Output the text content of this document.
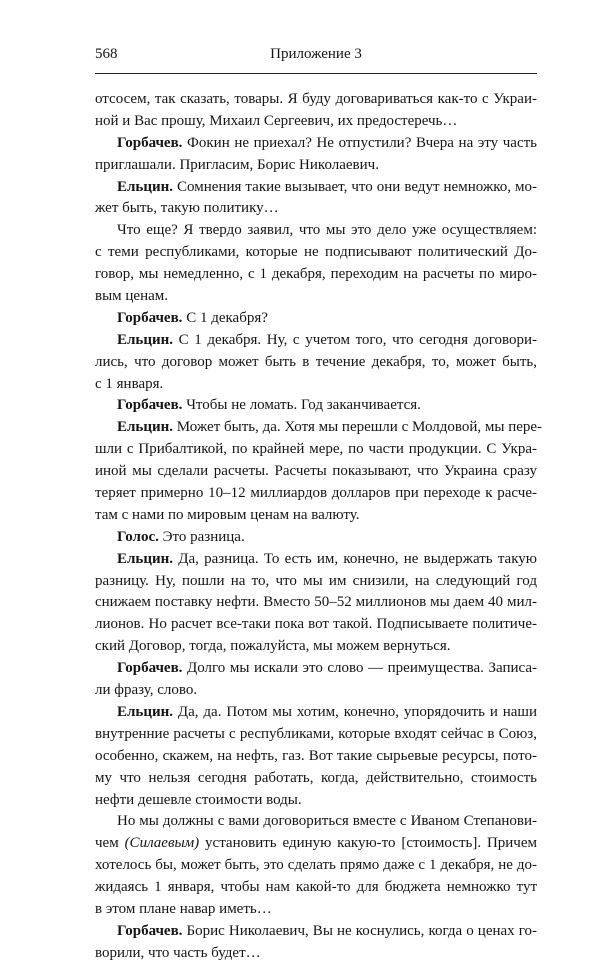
568	Приложение 3
отсосем, так сказать, товары. Я буду договариваться как-то с Украи-
ной и Вас прошу, Михаил Сергеевич, их предостеречь…
Горбачев. Фокин не приехал? Не отпустили? Вчера на эту часть
приглашали. Пригласим, Борис Николаевич.
Ельцин. Сомнения такие вызывает, что они ведут немножко, мо-
жет быть, такую политику…
Что еще? Я твердо заявил, что мы это дело уже осуществляем:
с теми республиками, которые не подписывают политический До-
говор, мы немедленно, с 1 декабря, переходим на расчеты по миро-
вым ценам.
Горбачев. С 1 декабря?
Ельцин. С 1 декабря. Ну, с учетом того, что сегодня договори-
лись, что договор может быть в течение декабря, то, может быть,
с 1 января.
Горбачев. Чтобы не ломать. Год заканчивается.
Ельцин. Может быть, да. Хотя мы перешли с Молдовой, мы пере-
шли с Прибалтикой, по крайней мере, по части продукции. С Укра-
иной мы сделали расчеты. Расчеты показывают, что Украина сразу
теряет примерно 10–12 миллиардов долларов при переходе к расче-
там с нами по мировым ценам на валюту.
Голос. Это разница.
Ельцин. Да, разница. То есть им, конечно, не выдержать такую
разницу. Ну, пошли на то, что мы им снизили, на следующий год
снижаем поставку нефти. Вместо 50–52 миллионов мы даем 40 мил-
лионов. Но расчет все-таки пока вот такой. Подписываете политиче-
ский Договор, тогда, пожалуйста, мы можем вернуться.
Горбачев. Долго мы искали это слово — преимущества. Записа-
ли фразу, слово.
Ельцин. Да, да. Потом мы хотим, конечно, упорядочить и наши
внутренние расчеты с республиками, которые входят сейчас в Союз,
особенно, скажем, на нефть, газ. Вот такие сырьевые ресурсы, пото-
му что нельзя сегодня работать, когда, действительно, стоимость
нефти дешевле стоимости воды.
Но мы должны с вами договориться вместе с Иваном Степанови-
чем (Силаевым) установить единую какую-то [стоимость]. Причем
хотелось бы, может быть, это сделать прямо даже с 1 декабря, не до-
жидаясь 1 января, чтобы нам какой-то для бюджета немножко тут
в этом плане навар иметь…
Горбачев. Борис Николаевич, Вы не коснулись, когда о ценах го-
ворили, что часть будет…
